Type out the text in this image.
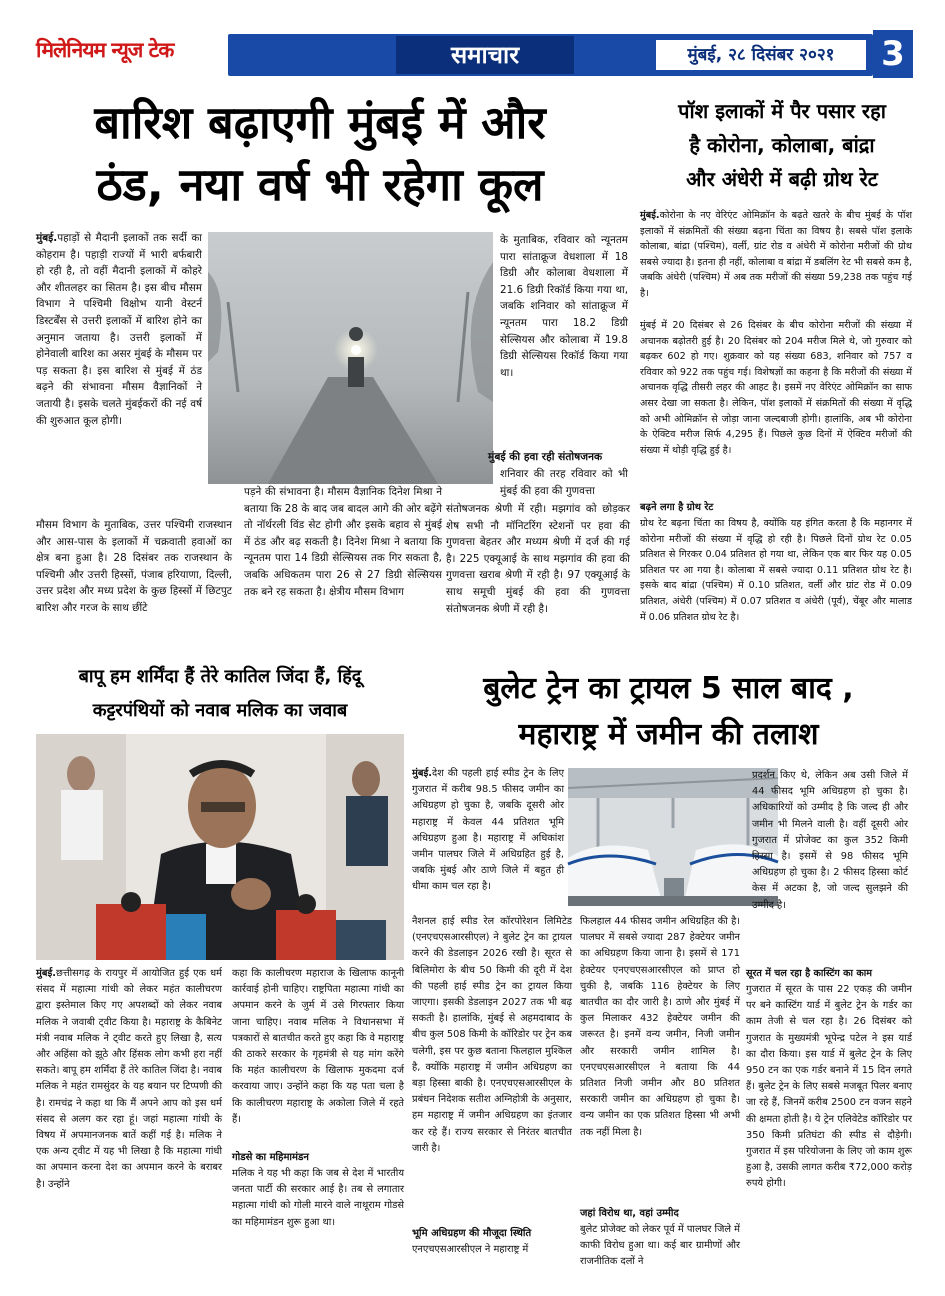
मिलेनियम न्यूज टेक	समाचार	मुंबई, २८ दिसंबर २०२१	3
बारिश बढ़ाएगी मुंबई में और
ठंड, नया वर्ष भी रहेगा कूल
मुंबई.पहाड़ों से मैदानी इलाकों तक सर्दी का कोहराम है। पहाड़ी राज्यों में भारी बर्फबारी हो रही है, तो वहीं मैदानी इलाकों में कोहरे और शीतलहर का सितम है। इस बीच मौसम विभाग ने पश्चिमी विक्षोभ यानी वेस्टर्न डिस्टर्बेंस से उत्तरी इलाकों में बारिश होने का अनुमान जताया है। उत्तरी इलाकों में होनेवाली बारिश का असर मुंबई के मौसम पर पड़ सकता है। इस बारिश से मुंबई में ठंड बढ़ने की संभावना मौसम वैज्ञानिकों ने जतायी है। इसके चलते मुंबईकरों की नई वर्ष की शुरुआत कूल होगी।
के मुताबिक, रविवार को न्यूनतम पारा सांताक्रूज वेधशाला में 18 डिग्री और कोलाबा वेधशाला में 21.6 डिग्री रिकॉर्ड किया गया था, जबकि शनिवार को सांताक्रूज में न्यूनतम पारा 18.2 डिग्री सेल्सियस और कोलाबा में 19.8 डिग्री सेल्सियस रिकॉर्ड किया गया था।
मुंबई की हवा रही संतोषजनक
शनिवार की तरह रविवार को भी मुंबई की हवा की गुणवत्ता
मौसम विभाग के मुताबिक, उत्तर पश्चिमी राजस्थान और आस-पास के इलाकों में चक्रवाती हवाओं का क्षेत्र बना हुआ है। 28 दिसंबर तक राजस्थान के पश्चिमी और उत्तरी हिस्सों, पंजाब हरियाणा, दिल्ली, उत्तर प्रदेश और मध्य प्रदेश के कुछ हिस्सों में छिटपुट बारिश और गरज के साथ छींटे
पड़ने की संभावना है। मौसम वैज्ञानिक दिनेश मिश्रा ने बताया कि 28 के बाद जब बादल आगे की ओर बढ़ेंगे तो नॉर्थरली विंड सेट होगी और इसके बहाव से मुंबई में ठंड और बढ़ सकती है। दिनेश मिश्रा ने बताया कि न्यूनतम पारा 14 डिग्री सेल्सियस तक गिर सकता है, जबकि अधिकतम पारा 26 से 27 डिग्री सेल्सियस तक बने रह सकता है। क्षेत्रीय मौसम विभाग
संतोषजनक श्रेणी में रही। मझगांव को छोड़कर शेष सभी नौ मॉनिटरिंग स्टेशनों पर हवा की गुणवत्ता बेहतर और मध्यम श्रेणी में दर्ज की गई है। 225 एक्यूआई के साथ मझगांव की हवा की गुणवत्ता खराब श्रेणी में रही है। 97 एक्यूआई के साथ समूची मुंबई की हवा की गुणवत्ता संतोषजनक श्रेणी में रही है।
पॉश इलाकों में पैर पसार रहा
है कोरोना, कोलाबा, बांद्रा
और अंधेरी में बढ़ी ग्रोथ रेट
मुंबई.कोरोना के नए वेरिएंट ओमिक्रॉन के बढ़ते खतरे के बीच मुंबई के पॉश इलाकों में संक्रमितों की संख्या बढ़ना चिंता का विषय है। सबसे पॉश इलाके कोलाबा, बांद्रा (पश्चिम), वर्ली, ग्रांट रोड व अंधेरी में कोरोना मरीजों की ग्रोथ सबसे ज्यादा है। इतना ही नहीं, कोलाबा व बांद्रा में डबलिंग रेट भी सबसे कम है, जबकि अंधेरी (पश्चिम) में अब तक मरीजों की संख्या 59,238 तक पहुंच गई है।
मुंबई में 20 दिसंबर से 26 दिसंबर के बीच कोरोना मरीजों की संख्या में अचानक बढ़ोतरी हुई है। 20 दिसंबर को 204 मरीज मिले थे, जो गुरुवार को बढ़कर 602 हो गए। शुक्रवार को यह संख्या 683, शनिवार को 757 व रविवार को 922 तक पहुंच गई। विशेषज्ञों का कहना है कि मरीजों की संख्या में अचानक वृद्धि तीसरी लहर की आहट है। इसमें नए वेरिएंट ओमिक्रॉन का साफ असर देखा जा सकता है। लेकिन, पॉश इलाकों में संक्रमितों की संख्या में वृद्धि को अभी ओमिक्रॉन से जोड़ा जाना जल्दबाजी होगी। हालांकि, अब भी कोरोना के ऐक्टिव मरीज सिर्फ 4,295 हैं। पिछले कुछ दिनों में ऐक्टिव मरीजों की संख्या में थोड़ी वृद्धि हुई है।
बढ़ने लगा है ग्रोथ रेट
ग्रोथ रेट बढ़ना चिंता का विषय है, क्योंकि यह इंगित करता है कि महानगर में कोरोना मरीजों की संख्या में वृद्धि हो रही है। पिछले दिनों ग्रोथ रेट 0.05 प्रतिशत से गिरकर 0.04 प्रतिशत हो गया था, लेकिन एक बार फिर यह 0.05 प्रतिशत पर आ गया है। कोलाबा में सबसे ज्यादा 0.11 प्रतिशत ग्रोथ रेट है। इसके बाद बांद्रा (पश्चिम) में 0.10 प्रतिशत, वर्ली और ग्रांट रोड में 0.09 प्रतिशत, अंधेरी (पश्चिम) में 0.07 प्रतिशत व अंधेरी (पूर्व), चेंबूर और मालाड में 0.06 प्रतिशत ग्रोथ रेट है।
बापू हम शर्मिंदा हैं तेरे कातिल जिंदा हैं, हिंदू
कट्टरपंथियों को नवाब मलिक का जवाब
मुंबई.छत्तीसगढ़ के रायपुर में आयोजित हुई एक धर्म संसद में महात्मा गांधी को लेकर महंत कालीचरण द्वारा इस्तेमाल किए गए अपशब्दों को लेकर नवाब मलिक ने जवाबी ट्वीट किया है। महाराष्ट्र के कैबिनेट मंत्री नवाब मलिक ने ट्वीट करते हुए लिखा है, सत्य और अहिंसा को झूठे और हिंसक लोग कभी हरा नहीं सकते। बापू हम शर्मिंदा हैं तेरे कातिल जिंदा है। नवाब मलिक ने महंत रामसुंदर के यह बयान पर टिप्पणी की है। रामचंद्र ने कहा था कि मैं अपने आप को इस धर्म संसद से अलग कर रहा हूं। जहां महात्मा गांधी के विषय में अपमानजनक बातें कहीं गई है। मलिक ने एक अन्य ट्वीट में यह भी लिखा है कि महात्मा गांधी का अपमान करना देश का अपमान करने के बराबर है। उन्होंने
कहा कि कालीचरण महाराज के खिलाफ कानूनी कार्रवाई होनी चाहिए। राष्ट्रपिता महात्मा गांधी का अपमान करने के जुर्म में उसे गिरफ्तार किया जाना चाहिए। नवाब मलिक ने विधानसभा में पत्रकारों से बातचीत करते हुए कहा कि वे महाराष्ट्र की ठाकरे सरकार के गृहमंत्री से यह मांग करेंगे कि महंत कालीचरण के खिलाफ मुकदमा दर्ज करवाया जाए। उन्होंने कहा कि यह पता चला है कि कालीचरण महाराष्ट्र के अकोला जिले में रहते हैं।
गोडसे का महिमामंडन
मलिक ने यह भी कहा कि जब से देश में भारतीय जनता पार्टी की सरकार आई है। तब से लगातार महात्मा गांधी को गोली मारने वाले नाथूराम गोडसे का महिमामंडन शुरू हुआ था।
बुलेट ट्रेन का ट्रायल 5 साल बाद ,
महाराष्ट्र में जमीन की तलाश
मुंबई.देश की पहली हाई स्पीड ट्रेन के लिए गुजरात में करीब 98.5 फीसद जमीन का अधिग्रहण हो चुका है, जबकि दूसरी ओर महाराष्ट्र में केवल 44 प्रतिशत भूमि अधिग्रहण हुआ है। महाराष्ट्र में अधिकांश जमीन पालघर जिले में अधिग्रहित हुई है, जबकि मुंबई और ठाणे जिले में बहुत ही धीमा काम चल रहा है।
नैशनल हाई स्पीड रेल कॉरपोरेशन लिमिटेड (एनएचएसआरसीएल) ने बुलेट ट्रेन का ट्रायल करने की डेडलाइन 2026 रखी है। सूरत से बिलिमोरा के बीच 50 किमी की दूरी में देश की पहली हाई स्पीड ट्रेन का ट्रायल किया जाएगा। इसकी डेडलाइन 2027 तक भी बढ़ सकती है। हालांकि, मुंबई से अहमदाबाद के बीच कुल 508 किमी के कॉरिडोर पर ट्रेन कब चलेगी, इस पर कुछ बताना फिलहाल मुश्किल है, क्योंकि महाराष्ट्र में जमीन अधिग्रहण का बड़ा हिस्सा बाकी है। एनएचएसआरसीएल के प्रबंधन निदेशक सतीश अग्निहोत्री के अनुसार, हम महाराष्ट्र में जमीन अधिग्रहण का इंतजार कर रहे हैं। राज्य सरकार से निरंतर बातचीत जारी है।
भूमि अधिग्रहण की मौजूदा स्थिति
एनएचएसआरसीएल ने महाराष्ट्र में
फिलहाल 44 फीसद जमीन अधिग्रहित की है। पालघर में सबसे ज्यादा 287 हेक्टेयर जमीन का अधिग्रहण किया जाना है। इसमें से 171 हेक्टेयर एनएचएसआरसीएल को प्राप्त हो चुकी है, जबकि 116 हेक्टेयर के लिए बातचीत का दौर जारी है। ठाणे और मुंबई में कुल मिलाकर 432 हेक्टेयर जमीन की जरूरत है। इनमें वन्य जमीन, निजी जमीन और सरकारी जमीन शामिल है। एनएचएसआरसीएल ने बताया कि 44 प्रतिशत निजी जमीन और 80 प्रतिशत सरकारी जमीन का अधिग्रहण हो चुका है। वन्य जमीन का एक प्रतिशत हिस्सा भी अभी तक नहीं मिला है।
जहां विरोध था, वहां उम्मीद
बुलेट प्रोजेक्ट को लेकर पूर्व में पालघर जिले में काफी विरोध हुआ था। कई बार ग्रामीणों और राजनीतिक दलों ने
प्रदर्शन किए थे, लेकिन अब उसी जिले में 44 फीसद भूमि अधिग्रहण हो चुका है। अधिकारियों को उम्मीद है कि जल्द ही और जमीन भी मिलने वाली है। वहीं दूसरी ओर गुजरात में प्रोजेक्ट का कुल 352 किमी हिस्सा है। इसमें से 98 फीसद भूमि अधिग्रहण हो चुका है। 2 फीसद हिस्सा कोर्ट केस में अटका है, जो जल्द सुलझने की उम्मीद है।
सूरत में चल रहा है कास्टिंग का काम
गुजरात में सूरत के पास 22 एकड़ की जमीन पर बने कास्टिंग यार्ड में बुलेट ट्रेन के गर्डर का काम तेजी से चल रहा है। 26 दिसंबर को गुजरात के मुख्यमंत्री भूपेन्द्र पटेल ने इस यार्ड का दौरा किया। इस यार्ड में बुलेट ट्रेन के लिए 950 टन का एक गर्डर बनाने में 15 दिन लगते हैं। बुलेट ट्रेन के लिए सबसे मजबूत पिलर बनाए जा रहे हैं, जिनमें करीब 2500 टन वजन सहने की क्षमता होती है। ये ट्रेन एलिवेटेड कॉरिडोर पर 350 किमी प्रतिघंटा की स्पीड से दौड़ेगी। गुजरात में इस परियोजना के लिए जो काम शुरू हुआ है, उसकी लागत करीब ₹72,000 करोड़ रुपये होगी।
